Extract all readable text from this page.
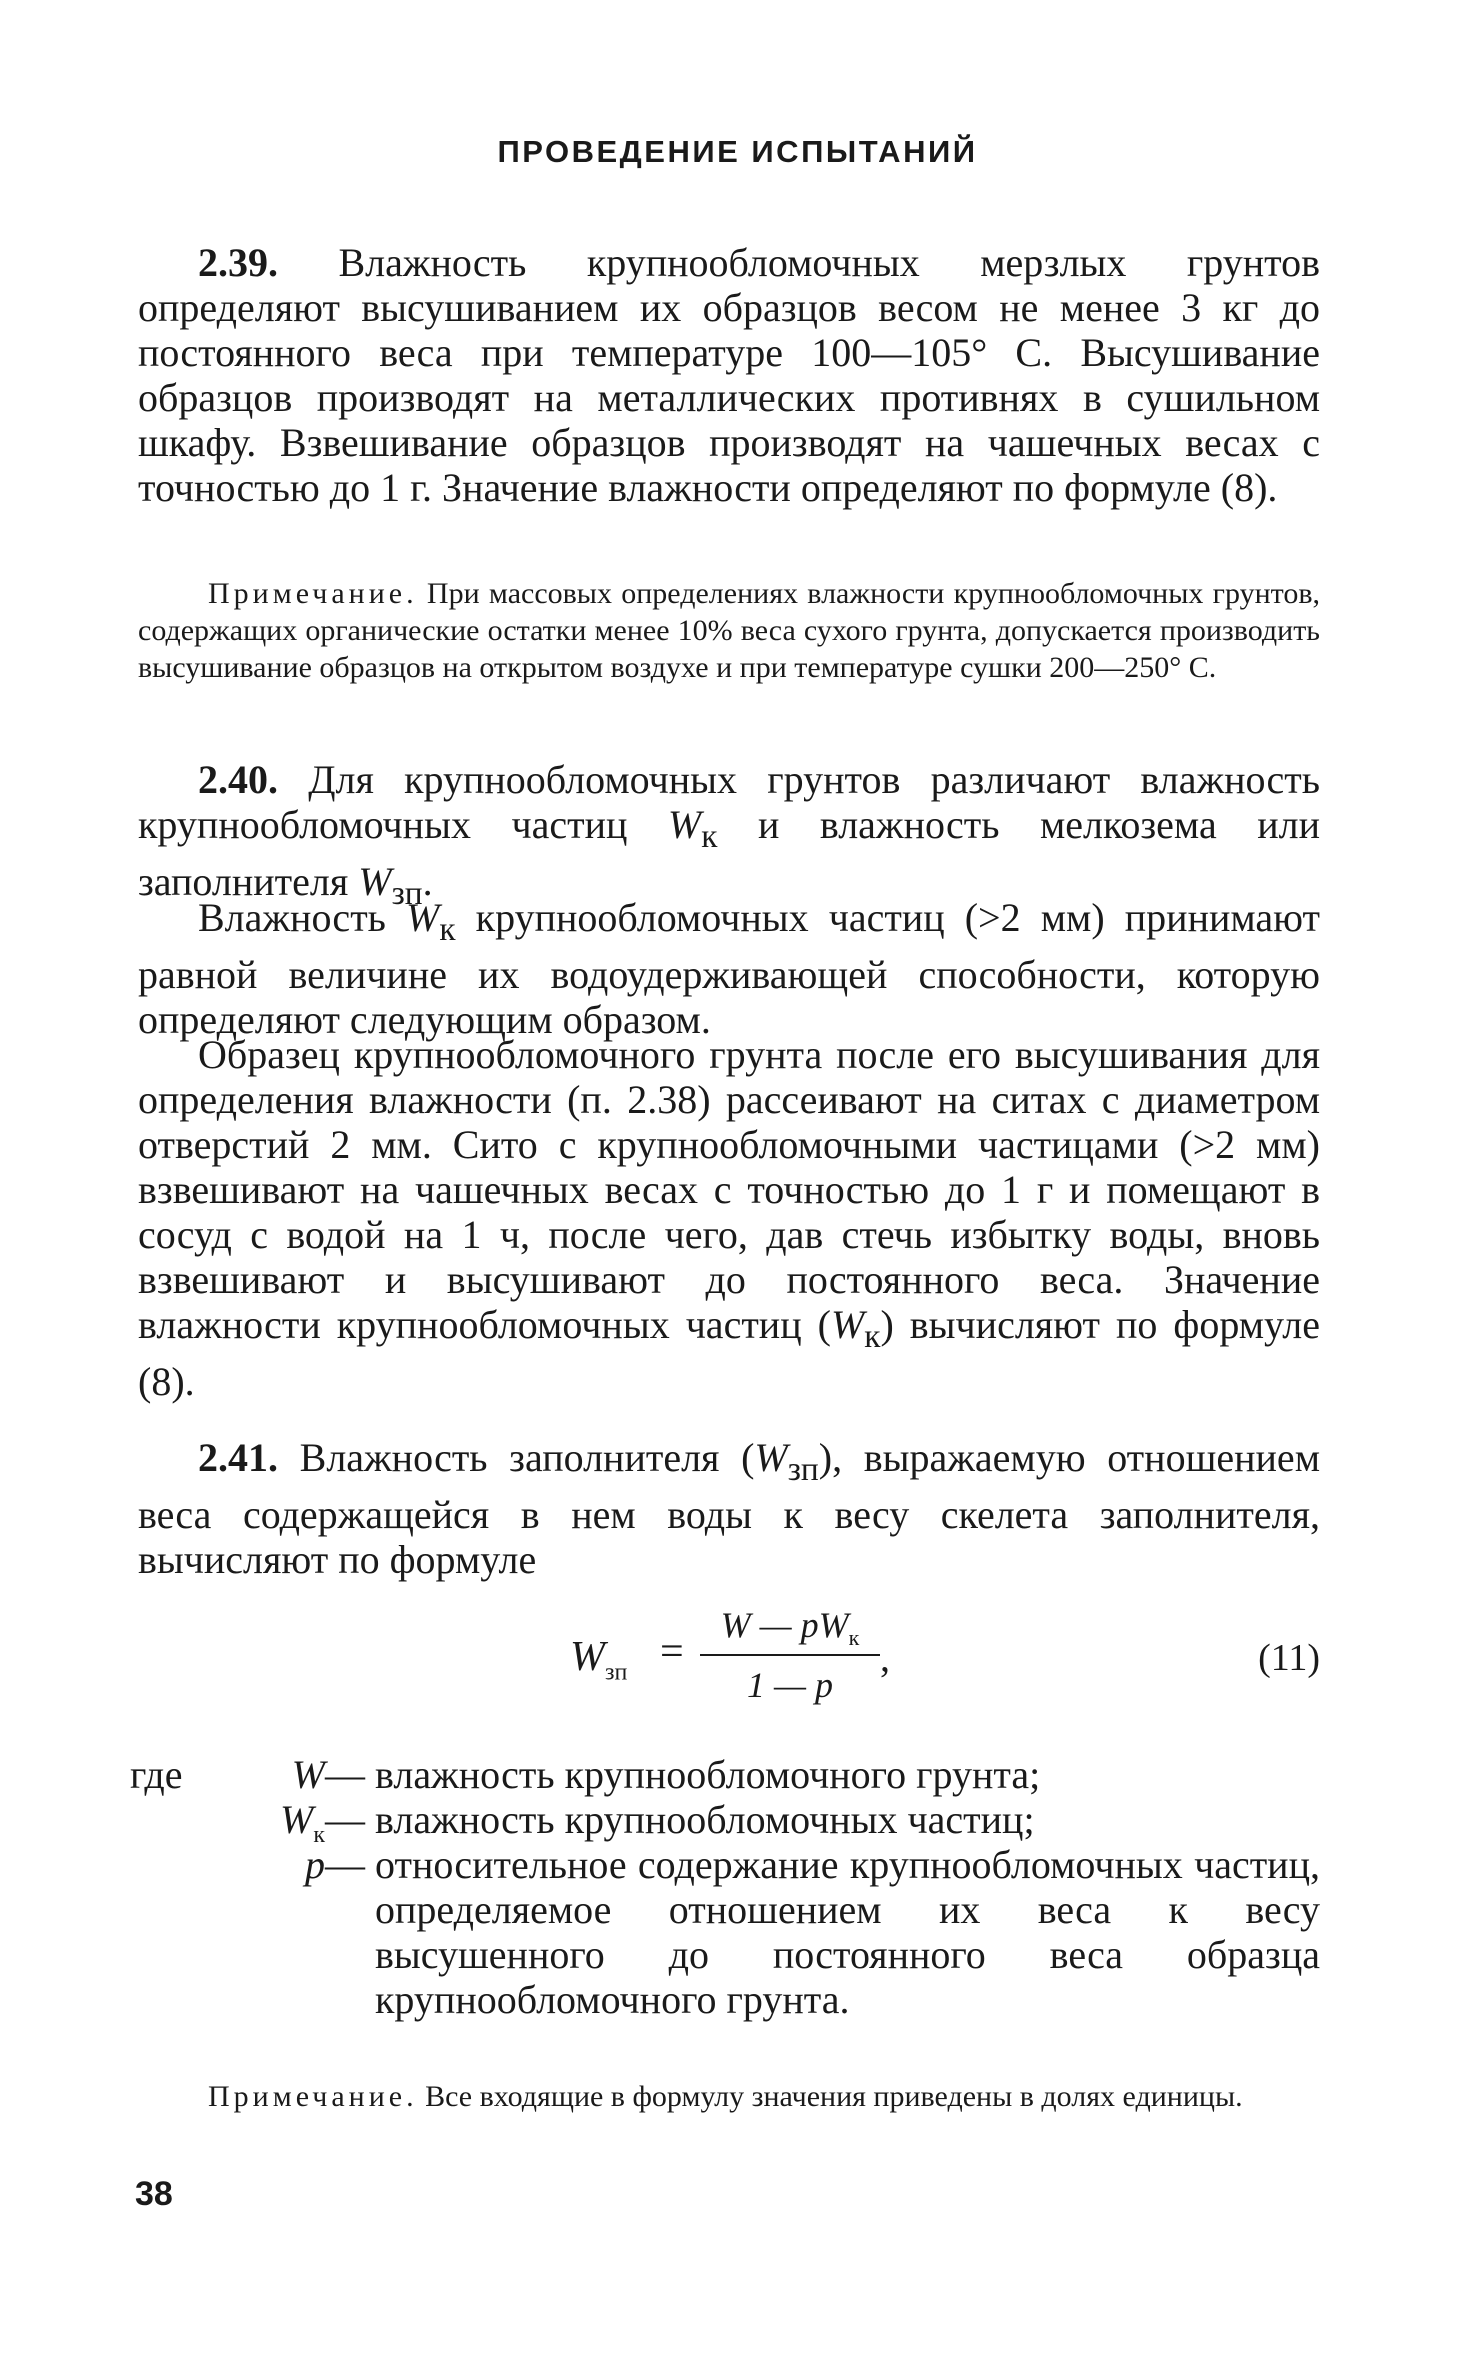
ПРОВЕДЕНИЕ ИСПЫТАНИЙ

2.39. Влажность крупнообломочных мерзлых грунтов определяют высушиванием их образцов весом не менее 3 кг до постоянного веса при температуре 100—105° С. Высушивание образцов производят на металлических противнях в сушильном шкафу. Взвешивание образцов производят на чашечных весах с точностью до 1 г. Значение влажности определяют по формуле (8).

Примечание. При массовых определениях влажности крупнообломочных грунтов, содержащих органические остатки менее 10% веса сухого грунта, допускается производить высушивание образцов на открытом воздухе и при температуре сушки 200—250° С.

2.40. Для крупнообломочных грунтов различают влажность крупнообломочных частиц $W_к$ и влажность мелкозема или заполнителя $W_{зп}$.

Влажность $W_к$ крупнообломочных частиц (>2 мм) принимают равной величине их водоудерживающей способности, которую определяют следующим образом.

Образец крупнообломочного грунта после его высушивания для определения влажности (п. 2.38) рассеивают на ситах с диаметром отверстий 2 мм. Сито с крупнообломочными частицами (>2 мм) взвешивают на чашечных весах с точностью до 1 г и помещают в сосуд с водой на 1 ч, после чего, дав стечь избытку воды, вновь взвешивают и высушивают до постоянного веса. Значение влажности крупнообломочных частиц $(W_к)$ вычисляют по формуле (8).

2.41. Влажность заполнителя $(W_{зп})$, выражаемую отношением веса содержащейся в нем воды к весу скелета заполнителя, вычисляют по формуле

$W_{зп}$ =
W — $pW_к$
1 — p
,	(11)
где	W— влажность крупнообломочного грунта;
$W_к—$ влажность крупнообломочных частиц;
p— относительное содержание крупнообломочных частиц, определяемое отношением их веса к весу высушенного до постоянного веса образца крупнообломочного грунта.

Примечание. Все входящие в формулу значения приведены в долях единицы.

38
